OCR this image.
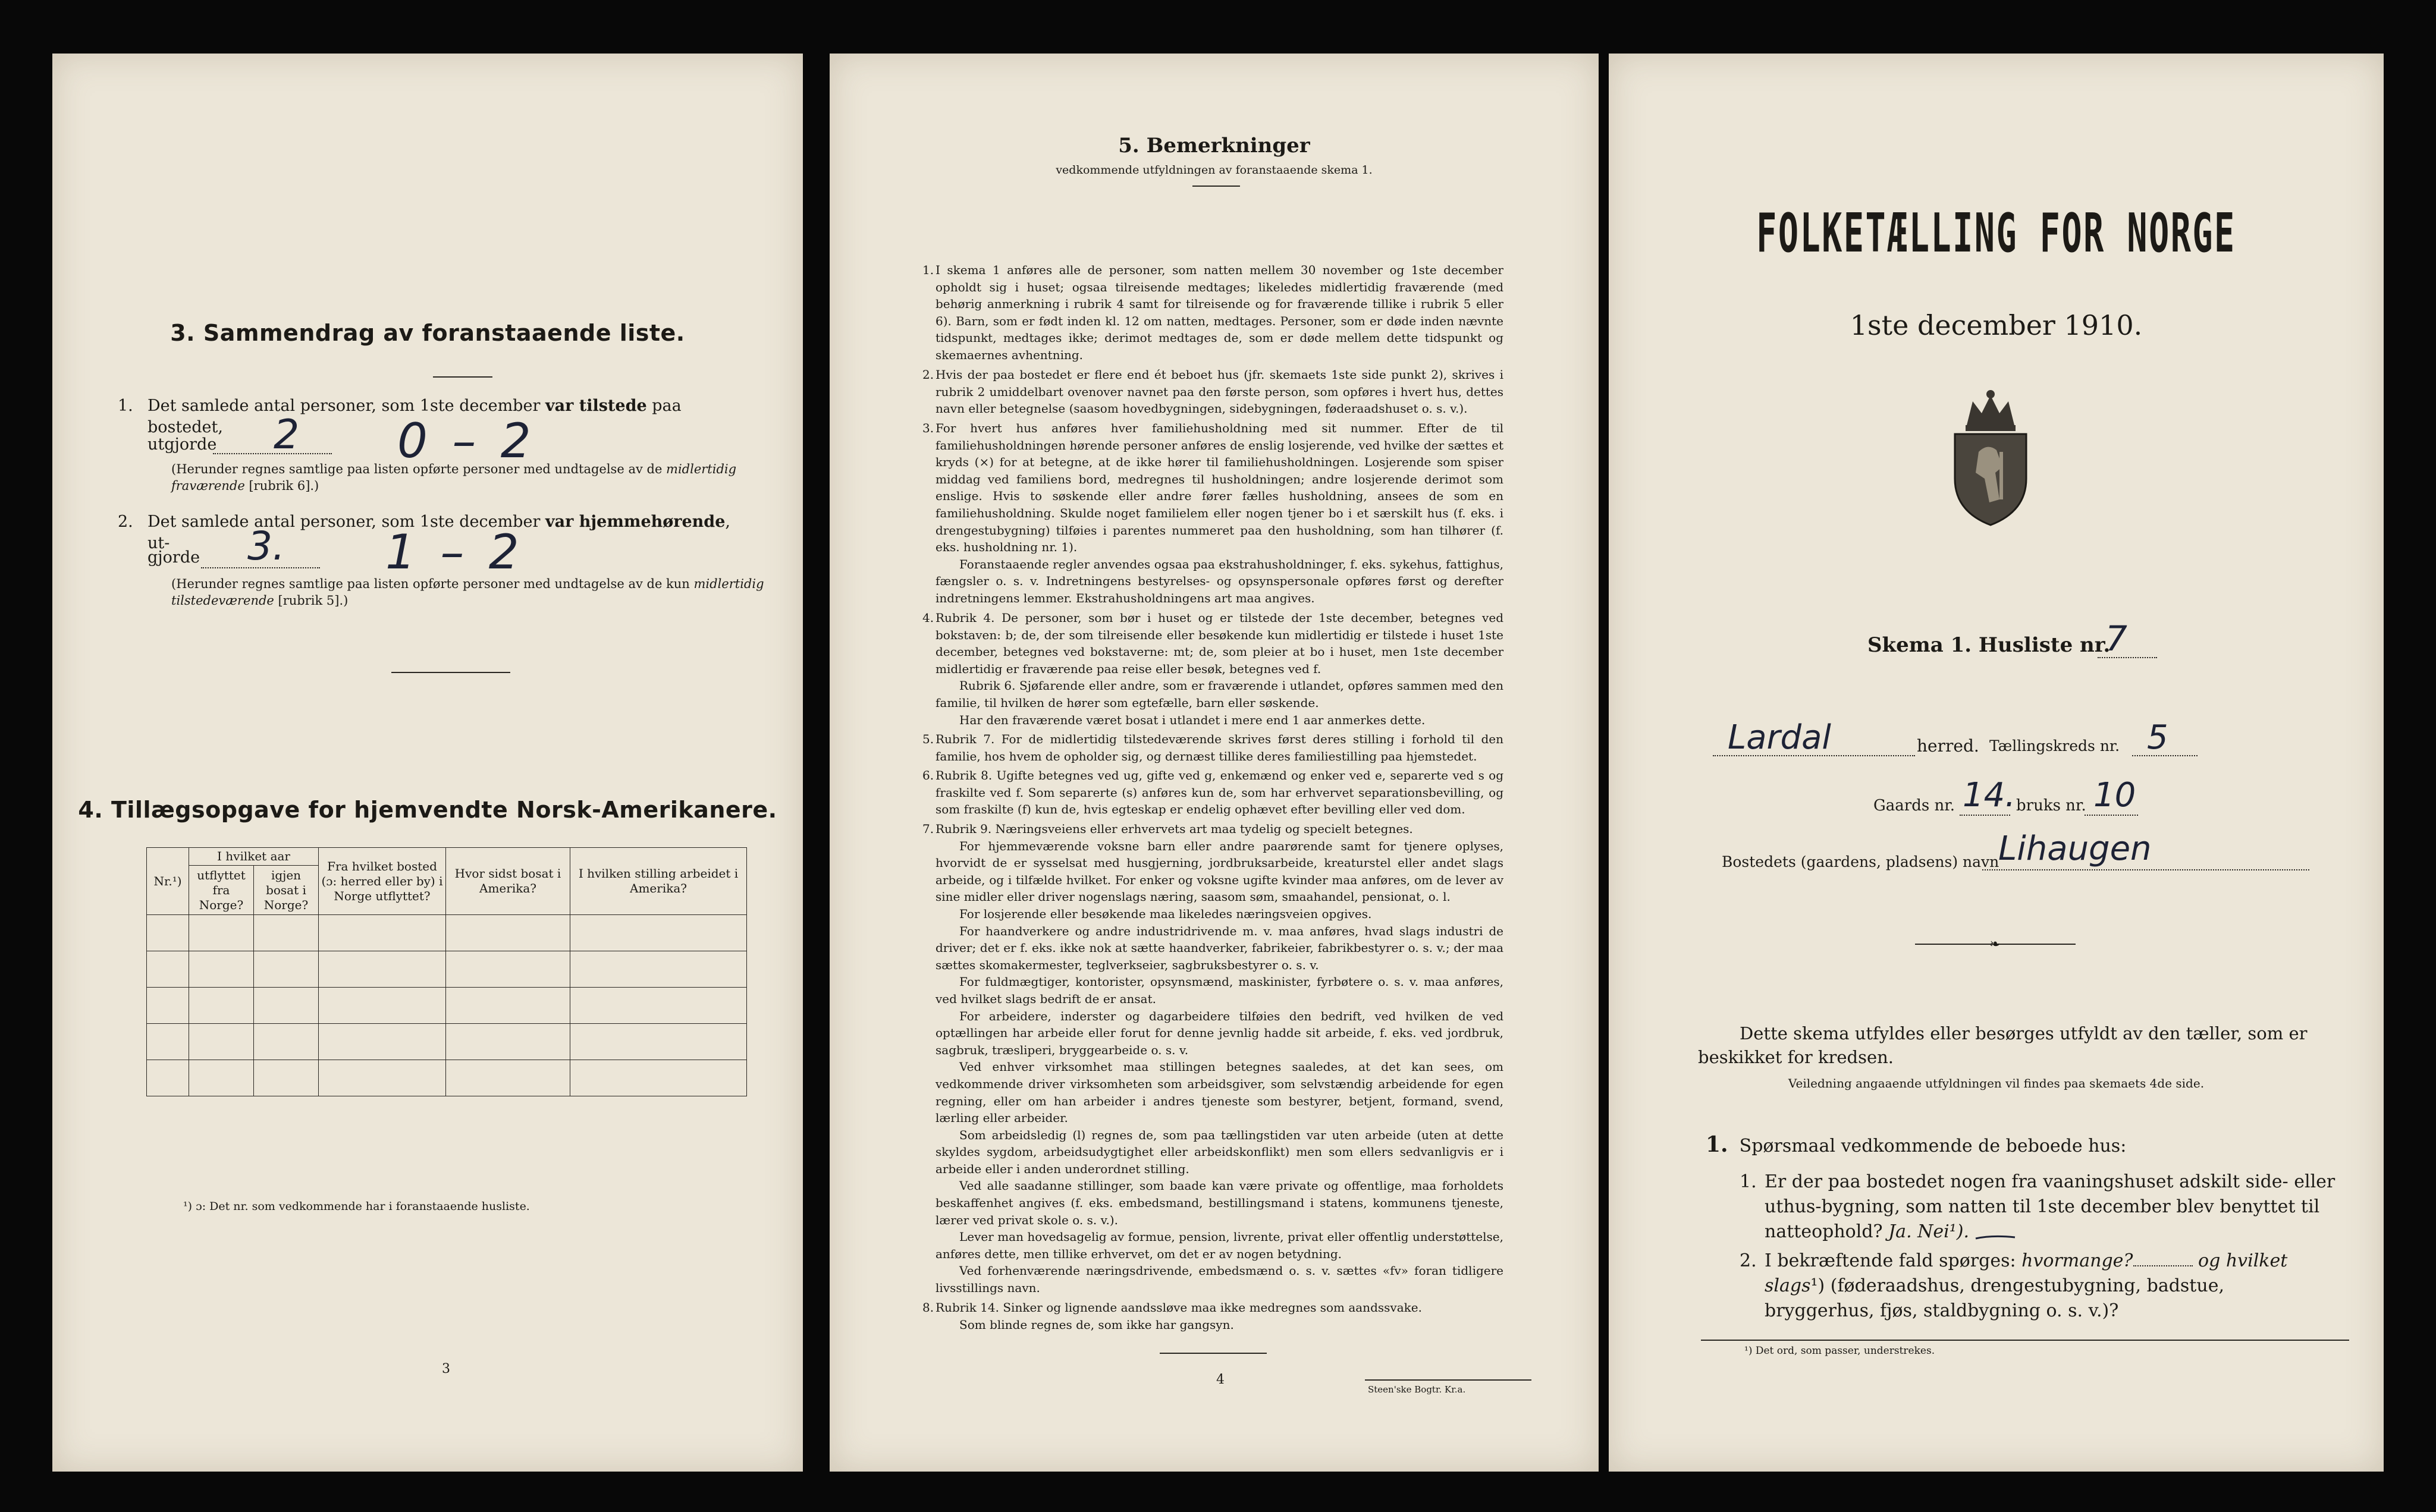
3. Sammendrag av foranstaaende liste.
1. Det samlede antal personer, som 1ste december var tilstede paa bostedet,
utgjorde 2 0 – 2
(Herunder regnes samtlige paa listen opførte personer med undtagelse av de midlertidig fraværende [rubrik 6].)
2. Det samlede antal personer, som 1ste december var hjemmehørende, ut-
gjorde 3. 1 – 2
(Herunder regnes samtlige paa listen opførte personer med undtagelse av de kun midlertidig tilstedeværende [rubrik 5].)
4. Tillægsopgave for hjemvendte Norsk-Amerikanere.
Nr.¹)	I hvilket aar		Fra hvilket bosted (ɔ: herred eller by) i Norge utflyttet?	Hvor sidst bosat i Amerika?	I hvilken stilling arbeidet i Amerika?
	utflyttet fra Norge?	igjen bosat i Norge?			

¹) ɔ: Det nr. som vedkommende har i foranstaaende husliste.
3
5. Bemerkninger
vedkommende utfyldningen av foranstaaende skema 1.
1. I skema 1 anføres alle de personer, som natten mellem 30 november og 1ste december opholdt sig i huset; ogsaa tilreisende medtages; likeledes midlertidig fraværende (med behørig anmerkning i rubrik 4 samt for tilreisende og for fraværende tillike i rubrik 5 eller 6). Barn, som er født inden kl. 12 om natten, medtages. Personer, som er døde inden nævnte tidspunkt, medtages ikke; derimot medtages de, som er døde mellem dette tidspunkt og skemaernes avhentning.

2. Hvis der paa bostedet er flere end ét beboet hus (jfr. skemaets 1ste side punkt 2), skrives i rubrik 2 umiddelbart ovenover navnet paa den første person, som opføres i hvert hus, dettes navn eller betegnelse (saasom hovedbygningen, sidebygningen, føderaadshuset o. s. v.).

3. For hvert hus anføres hver familiehusholdning med sit nummer. Efter de til familiehusholdningen hørende personer anføres de enslig losjerende, ved hvilke der sættes et kryds (×) for at betegne, at de ikke hører til familiehusholdningen. Losjerende som spiser middag ved familiens bord, medregnes til husholdningen; andre losjerende derimot som enslige. Hvis to søskende eller andre fører fælles husholdning, ansees de som en familiehusholdning. Skulde noget familielem eller nogen tjener bo i et særskilt hus (f. eks. i drengestubygning) tilføies i parentes nummeret paa den husholdning, som han tilhører (f. eks. husholdning nr. 1).

Foranstaaende regler anvendes ogsaa paa ekstrahusholdninger, f. eks. sykehus, fattighus, fængsler o. s. v. Indretningens bestyrelses- og opsynspersonale opføres først og derefter indretningens lemmer. Ekstrahusholdningens art maa angives.

4. Rubrik 4. De personer, som bør i huset og er tilstede der 1ste december, betegnes ved bokstaven: b; de, der som tilreisende eller besøkende kun midlertidig er tilstede i huset 1ste december, betegnes ved bokstaverne: mt; de, som pleier at bo i huset, men 1ste december midlertidig er fraværende paa reise eller besøk, betegnes ved f.

Rubrik 6. Sjøfarende eller andre, som er fraværende i utlandet, opføres sammen med den familie, til hvilken de hører som egtefælle, barn eller søskende.

Har den fraværende været bosat i utlandet i mere end 1 aar anmerkes dette.

5. Rubrik 7. For de midlertidig tilstedeværende skrives først deres stilling i forhold til den familie, hos hvem de opholder sig, og dernæst tillike deres familiestilling paa hjemstedet.

6. Rubrik 8. Ugifte betegnes ved ug, gifte ved g, enkemænd og enker ved e, separerte ved s og fraskilte ved f. Som separerte (s) anføres kun de, som har erhvervet separationsbevilling, og som fraskilte (f) kun de, hvis egteskap er endelig ophævet efter bevilling eller ved dom.

7. Rubrik 9. Næringsveiens eller erhvervets art maa tydelig og specielt betegnes.

For hjemmeværende voksne barn eller andre paarørende samt for tjenere oplyses, hvorvidt de er sysselsat med husgjerning, jordbruksarbeide, kreaturstel eller andet slags arbeide, og i tilfælde hvilket. For enker og voksne ugifte kvinder maa anføres, om de lever av sine midler eller driver nogenslags næring, saasom søm, smaahandel, pensionat, o. l.

For losjerende eller besøkende maa likeledes næringsveien opgives.

For haandverkere og andre industridrivende m. v. maa anføres, hvad slags industri de driver; det er f. eks. ikke nok at sætte haandverker, fabrikeier, fabrikbestyrer o. s. v.; der maa sættes skomakermester, teglverkseier, sagbruksbestyrer o. s. v.

For fuldmægtiger, kontorister, opsynsmænd, maskinister, fyrbøtere o. s. v. maa anføres, ved hvilket slags bedrift de er ansat.

For arbeidere, inderster og dagarbeidere tilføies den bedrift, ved hvilken de ved optællingen har arbeide eller forut for denne jevnlig hadde sit arbeide, f. eks. ved jordbruk, sagbruk, træsliperi, bryggearbeide o. s. v.

Ved enhver virksomhet maa stillingen betegnes saaledes, at det kan sees, om vedkommende driver virksomheten som arbeidsgiver, som selvstændig arbeidende for egen regning, eller om han arbeider i andres tjeneste som bestyrer, betjent, formand, svend, lærling eller arbeider.

Som arbeidsledig (l) regnes de, som paa tællingstiden var uten arbeide (uten at dette skyldes sygdom, arbeidsudygtighet eller arbeidskonflikt) men som ellers sedvanligvis er i arbeide eller i anden underordnet stilling.

Ved alle saadanne stillinger, som baade kan være private og offentlige, maa forholdets beskaffenhet angives (f. eks. embedsmand, bestillingsmand i statens, kommunens tjeneste, lærer ved privat skole o. s. v.).

Lever man hovedsagelig av formue, pension, livrente, privat eller offentlig understøttelse, anføres dette, men tillike erhvervet, om det er av nogen betydning.

Ved forhenværende næringsdrivende, embedsmænd o. s. v. sættes «fv» foran tidligere livsstillings navn.

8. Rubrik 14. Sinker og lignende aandssløve maa ikke medregnes som aandssvake.

Som blinde regnes de, som ikke har gangsyn.

4
Steen'ske Bogtr. Kr.a.
FOLKETÆLLING FOR NORGE
1ste december 1910.
Skema 1. Husliste nr.
7
Lardal	herred. Tællingskreds nr. 5
Gaards nr. 14. bruks nr. 10
Bostedets (gaardens, pladsens) navn
Lihaugen
❧
Dette skema utfyldes eller besørges utfyldt av den tæller, som er beskikket for kredsen.
Veiledning angaaende utfyldningen vil findes paa skemaets 4de side.
1. Spørsmaal vedkommende de beboede hus:
1. Er der paa bostedet nogen fra vaaningshuset adskilt side- eller uthus-bygning, som natten til 1ste december blev benyttet til natteophold? Ja. Nei¹).
2. I bekræftende fald spørges: hvormange?	og hvilket slags¹) (føderaadshus, drengestubygning, badstue, bryggerhus, fjøs, staldbygning o. s. v.)?
¹) Det ord, som passer, understrekes.
